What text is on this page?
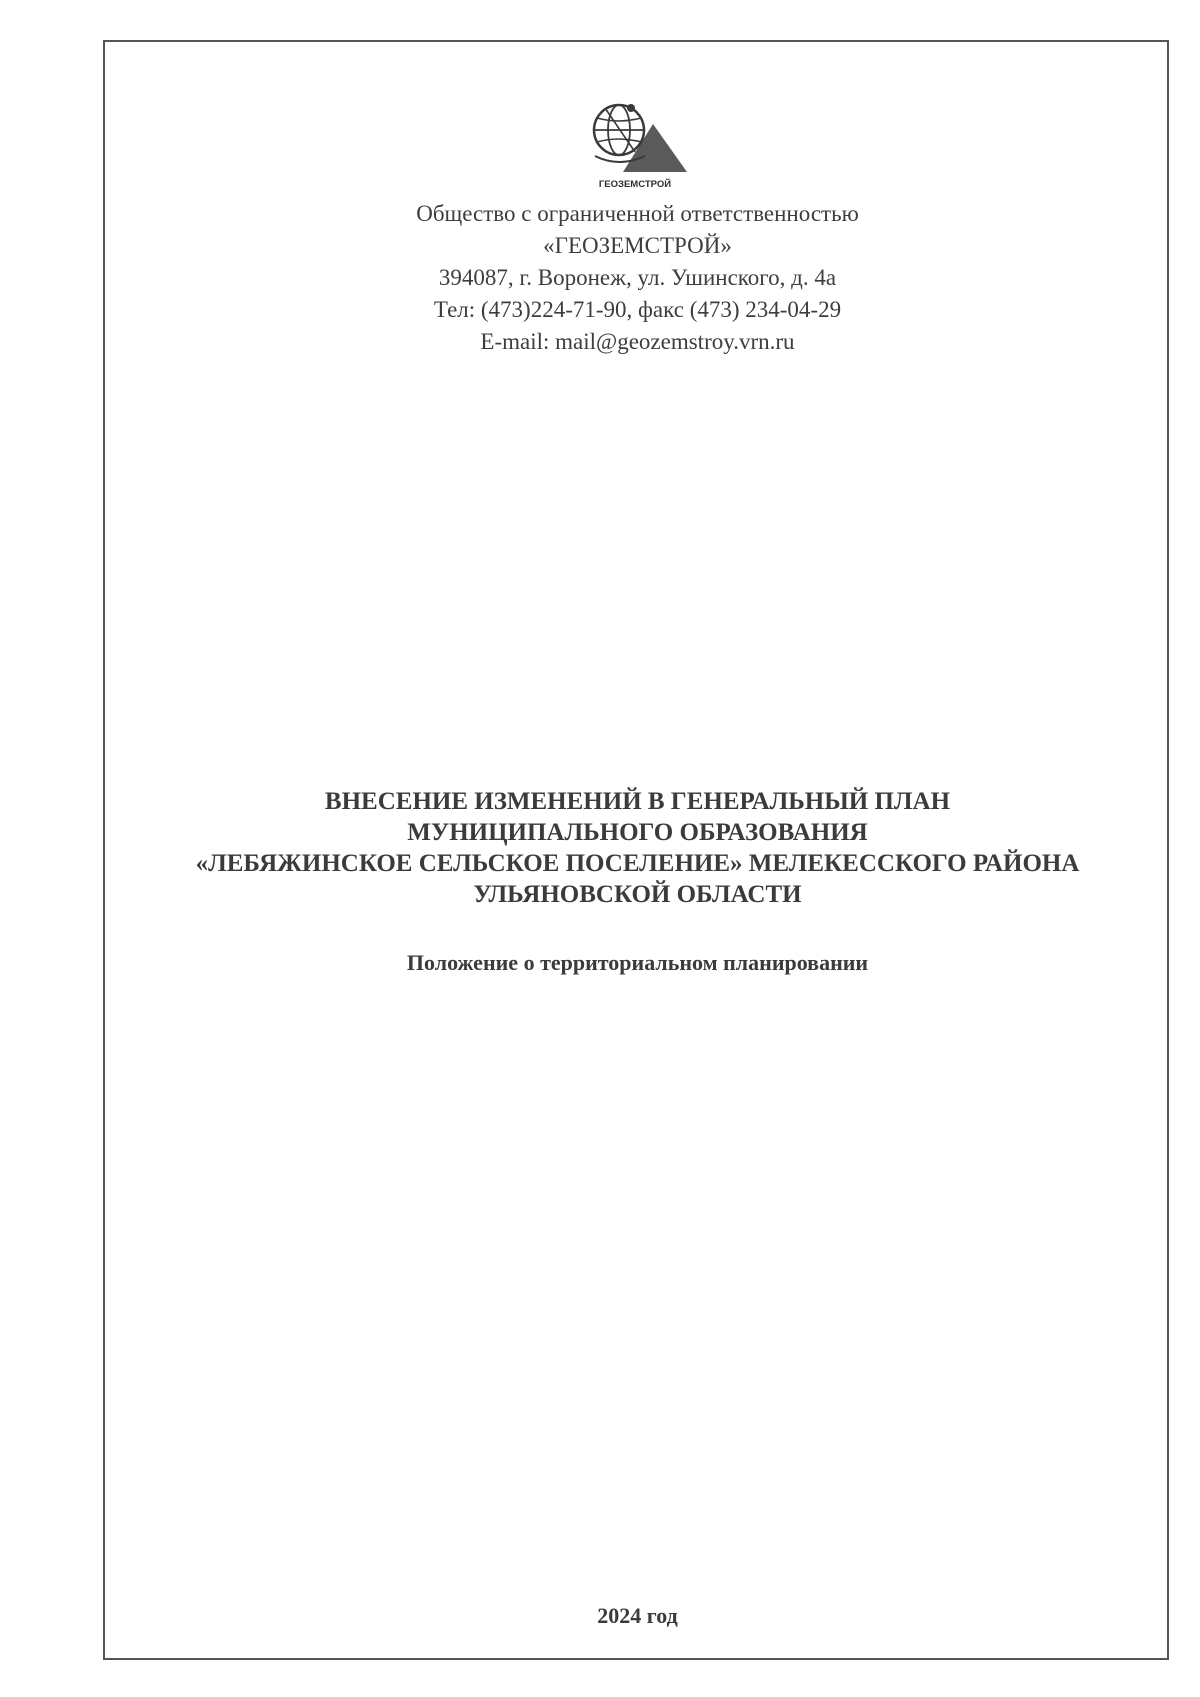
ГЕОЗЕМСТРОЙ
Общество с ограниченной ответственностью
«ГЕОЗЕМСТРОЙ»
394087, г. Воронеж, ул. Ушинского, д. 4а
Тел: (473)224-71-90, факс (473) 234-04-29
E-mail: mail@geozemstroy.vrn.ru
ВНЕСЕНИЕ ИЗМЕНЕНИЙ В ГЕНЕРАЛЬНЫЙ ПЛАН
МУНИЦИПАЛЬНОГО ОБРАЗОВАНИЯ
«ЛЕБЯЖИНСКОЕ СЕЛЬСКОЕ ПОСЕЛЕНИЕ» МЕЛЕКЕССКОГО РАЙОНА
УЛЬЯНОВСКОЙ ОБЛАСТИ
Положение о территориальном планировании
2024 год
